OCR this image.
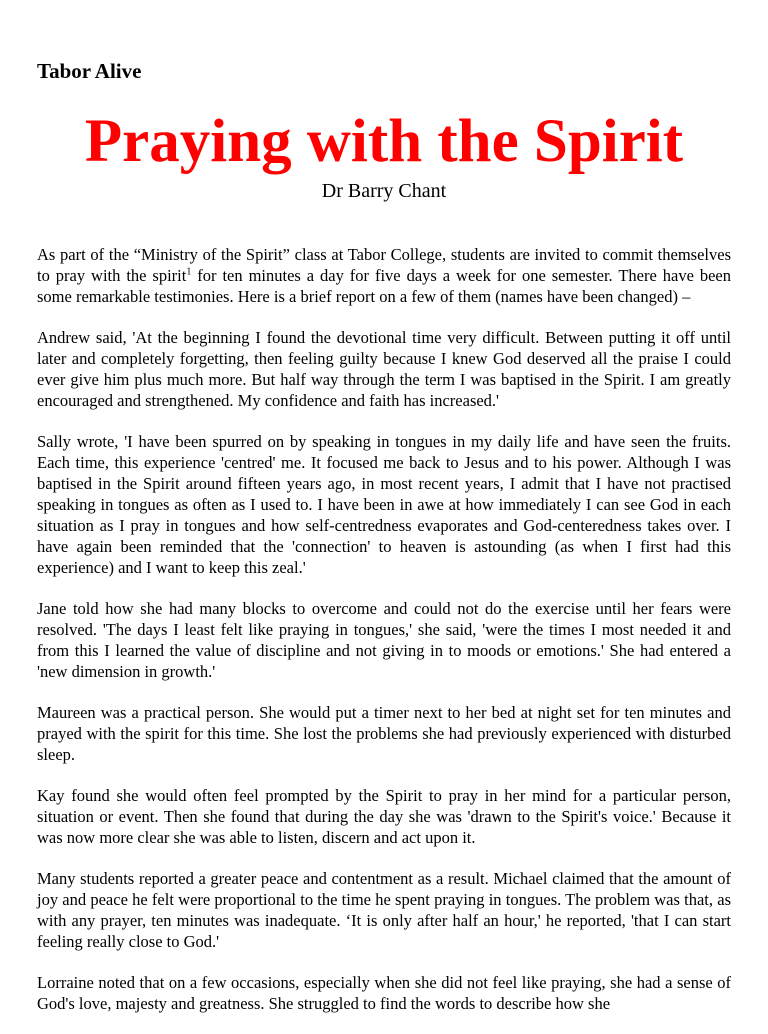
Tabor Alive
Praying with the Spirit
Dr Barry Chant

As part of the “Ministry of the Spirit” class at Tabor College, students are invited to commit themselves to pray with the spirit$^1$ for ten minutes a day for five days a week for one semester. There have been some remarkable testimonies. Here is a brief report on a few of them (names have been changed) –

Andrew said, 'At the beginning I found the devotional time very difficult. Between putting it off until later and completely forgetting, then feeling guilty because I knew God deserved all the praise I could ever give him plus much more. But half way through the term I was baptised in the Spirit. I am greatly encouraged and strengthened. My confidence and faith has increased.'

Sally wrote, 'I have been spurred on by speaking in tongues in my daily life and have seen the fruits. Each time, this experience 'centred' me. It focused me back to Jesus and to his power. Although I was baptised in the Spirit around fifteen years ago, in most recent years, I admit that I have not practised speaking in tongues as often as I used to. I have been in awe at how immediately I can see God in each situation as I pray in tongues and how self-centredness evaporates and God-centeredness takes over. I have again been reminded that the 'connection' to heaven is astounding (as when I first had this experience) and I want to keep this zeal.'

Jane told how she had many blocks to overcome and could not do the exercise until her fears were resolved. 'The days I least felt like praying in tongues,' she said, 'were the times I most needed it and from this I learned the value of discipline and not giving in to moods or emotions.' She had entered a 'new dimension in growth.'

Maureen was a practical person. She would put a timer next to her bed at night set for ten minutes and prayed with the spirit for this time. She lost the problems she had previously experienced with disturbed sleep.

Kay found she would often feel prompted by the Spirit to pray in her mind for a particular person, situation or event. Then she found that during the day she was 'drawn to the Spirit's voice.' Because it was now more clear she was able to listen, discern and act upon it.

Many students reported a greater peace and contentment as a result. Michael claimed that the amount of joy and peace he felt were proportional to the time he spent praying in tongues. The problem was that, as with any prayer, ten minutes was inadequate. ‘It is only after half an hour,' he reported, 'that I can start feeling really close to God.'

Lorraine noted that on a few occasions, especially when she did not feel like praying, she had a sense of God's love, majesty and greatness. She struggled to find the words to describe how she
